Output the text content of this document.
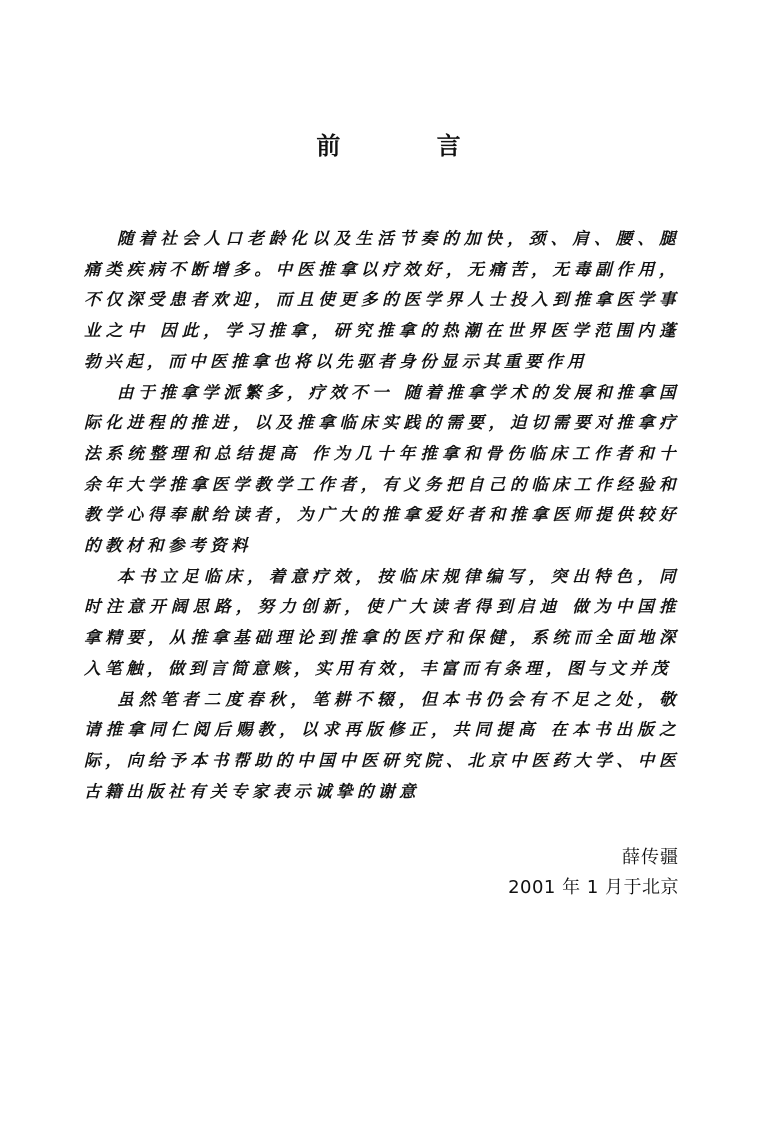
前 言

随着社会人口老龄化以及生活节奏的加快，颈、肩、腰、腿痛类疾病不断增多。中医推拿以疗效好，无痛苦，无毒副作用，不仅深受患者欢迎，而且使更多的医学界人士投入到推拿医学事业之中 因此，学习推拿，研究推拿的热潮在世界医学范围内蓬勃兴起，而中医推拿也将以先驱者身份显示其重要作用

由于推拿学派繁多，疗效不一 随着推拿学术的发展和推拿国际化进程的推进，以及推拿临床实践的需要，迫切需要对推拿疗法系统整理和总结提高 作为几十年推拿和骨伤临床工作者和十余年大学推拿医学教学工作者，有义务把自己的临床工作经验和教学心得奉献给读者，为广大的推拿爱好者和推拿医师提供较好的教材和参考资料

本书立足临床，着意疗效，按临床规律编写，突出特色，同时注意开阔思路，努力创新，使广大读者得到启迪 做为中国推拿精要，从推拿基础理论到推拿的医疗和保健，系统而全面地深入笔触，做到言简意赅，实用有效，丰富而有条理，图与文并茂

虽然笔者二度春秋，笔耕不辍，但本书仍会有不足之处，敬请推拿同仁阅后赐教，以求再版修正，共同提高 在本书出版之际，向给予本书帮助的中国中医研究院、北京中医药大学、中医古籍出版社有关专家表示诚挚的谢意

薛传疆
2001 年 1 月于北京
